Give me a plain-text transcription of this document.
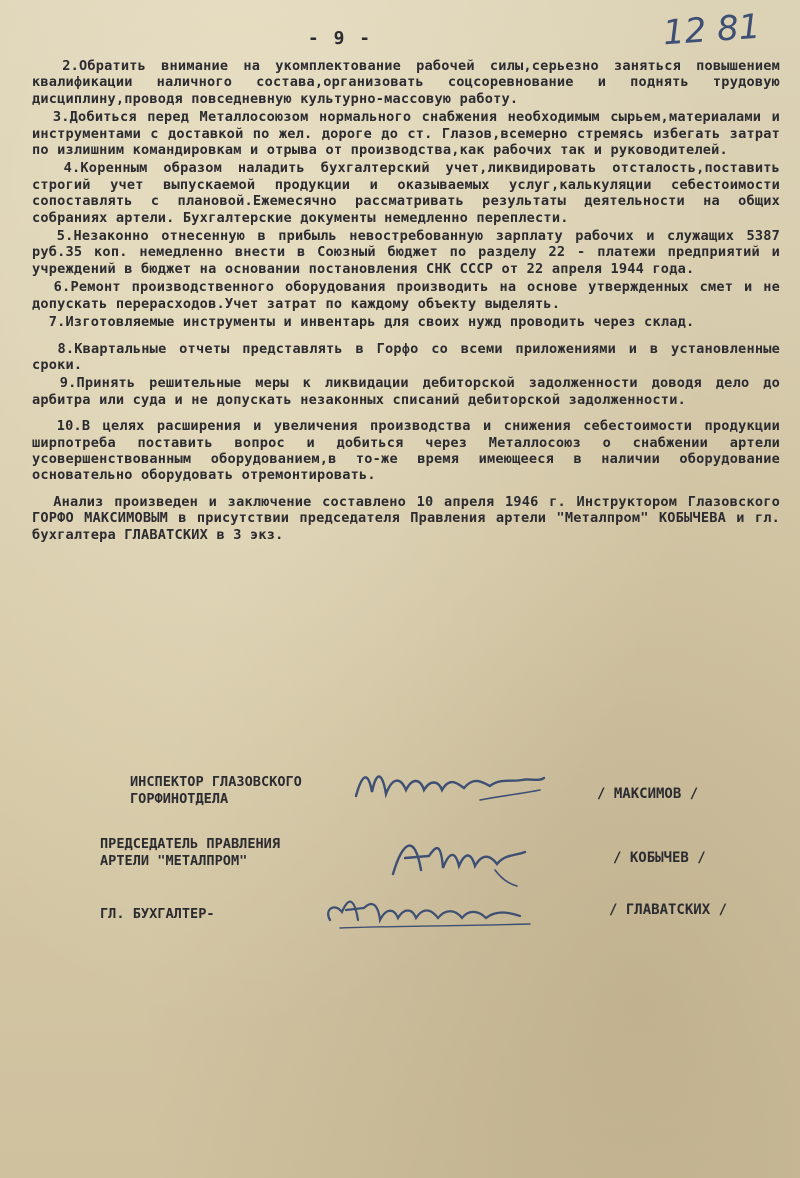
- 9 -	12 81

2.Обратить внимание на укомплектование рабочей силы,серьезно заняться повышением квалификации наличного состава,организовать соцсоревнование и поднять трудовую дисциплину,проводя повседневную культурно-массовую работу.

3.Добиться перед Металлосоюзом нормального снабжения необходимым сырьем,материалами и инструментами с доставкой по жел. дороге до ст. Глазов,всемерно стремясь избегать затрат по излишним командировкам и отрыва от производства,как рабочих так и руководителей.

4.Коренным образом наладить бухгалтерский учет,ликвидировать отсталость,поставить строгий учет выпускаемой продукции и оказываемых услуг,калькуляции себестоимости сопоставлять с плановой.Ежемесячно рассматривать результаты деятельности на общих собраниях артели. Бухгалтерские документы немедленно переплести.

5.Незаконно отнесенную в прибыль невостребованную зарплату рабочих и служащих 5387 руб.35 коп. немедленно внести в Союзный бюджет по разделу 22 - платежи предприятий и учреждений в бюджет на основании постановления СНК СССР от 22 апреля 1944 года.

6.Ремонт производственного оборудования производить на основе утвержденных смет и не допускать перерасходов.Учет затрат по каждому объекту выделять.

7.Изготовляемые инструменты и инвентарь для своих нужд проводить через склад.

8.Квартальные отчеты представлять в Горфо со всеми приложениями и в установленные сроки.

9.Принять решительные меры к ликвидации дебиторской задолженности доводя дело до арбитра или суда и не допускать незаконных списаний дебиторской задолженности.

10.В целях расширения и увеличения производства и снижения себестоимости продукции ширпотреба поставить вопрос и добиться через Металлосоюз о снабжении артели усовершенствованным оборудованием,в то-же время имеющееся в наличии оборудование основательно оборудовать отремонтировать.

Анализ произведен и заключение составлено 10 апреля 1946 г. Инструктором Глазовского ГОРФО МАКСИМОВЫМ в присутствии председателя Правления артели "Металпром" КОБЫЧЕВА и гл. бухгалтера ГЛАВАТСКИХ в 3 экз.

ИНСПЕКТОР ГЛАЗОВСКОГО
ГОРФИНОТДЕЛА	/ МАКСИМОВ /
ПРЕДСЕДАТЕЛЬ ПРАВЛЕНИЯ
АРТЕЛИ "МЕТАЛПРОМ"	/ КОБЫЧЕВ /
ГЛ. БУХГАЛТЕР-	/ ГЛАВАТСКИХ /
